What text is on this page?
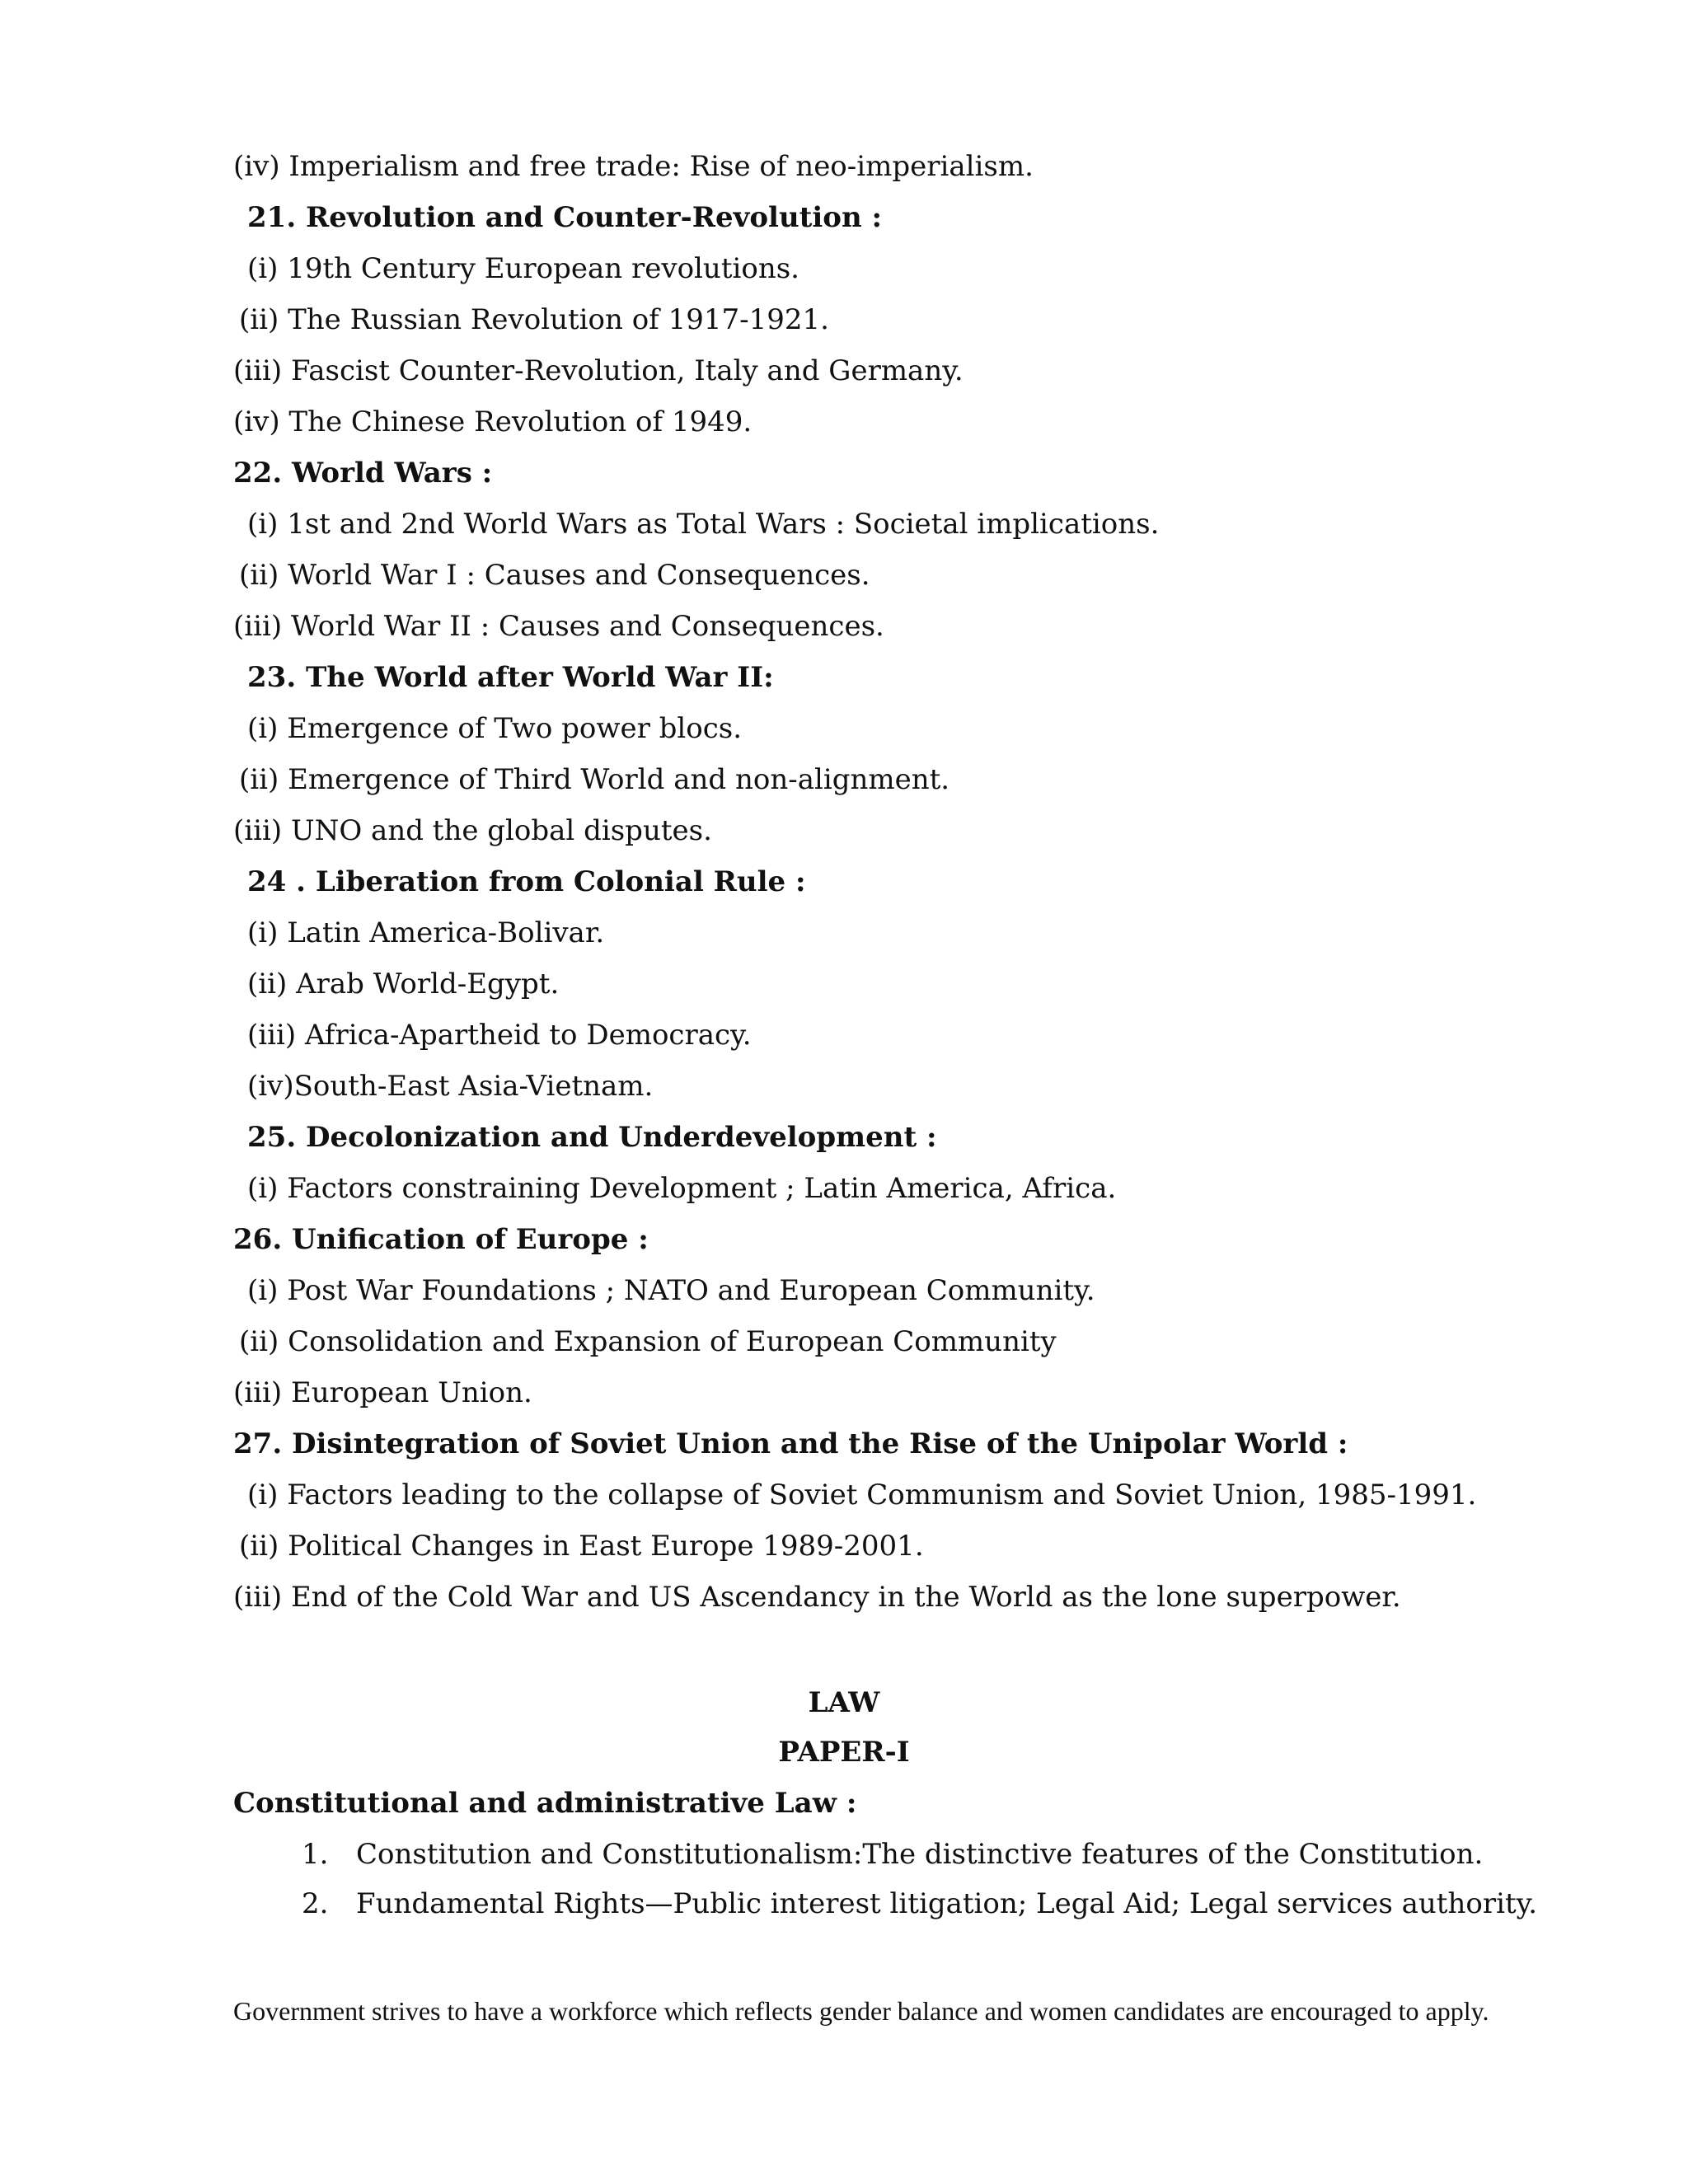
(iv) Imperialism and free trade: Rise of neo-imperialism.
21. Revolution and Counter-Revolution :
(i) 19th Century European revolutions.
(ii) The Russian Revolution of 1917-1921.
(iii) Fascist Counter-Revolution, Italy and Germany.
(iv) The Chinese Revolution of 1949.
22. World Wars :
(i) 1st and 2nd World Wars as Total Wars : Societal implications.
(ii) World War I : Causes and Consequences.
(iii) World War II : Causes and Consequences.
23. The World after World War II:
(i) Emergence of Two power blocs.
(ii) Emergence of Third World and non-alignment.
(iii) UNO and the global disputes.
24 . Liberation from Colonial Rule :
(i) Latin America-Bolivar.
(ii) Arab World-Egypt.
(iii) Africa-Apartheid to Democracy.
(iv)South-East Asia-Vietnam.
25. Decolonization and Underdevelopment :
(i) Factors constraining Development ; Latin America, Africa.
26. Unification of Europe :
(i) Post War Foundations ; NATO and European Community.
(ii) Consolidation and Expansion of European Community
(iii) European Union.
27. Disintegration of Soviet Union and the Rise of the Unipolar World :
(i) Factors leading to the collapse of Soviet Communism and Soviet Union, 1985-1991.
(ii) Political Changes in East Europe 1989-2001.
(iii) End of the Cold War and US Ascendancy in the World as the lone superpower.
LAW
PAPER-I
Constitutional and administrative Law :
1. Constitution and Constitutionalism:The distinctive features of the Constitution.
2. Fundamental Rights—Public interest litigation; Legal Aid; Legal services authority.
Government strives to have a workforce which reflects gender balance and women candidates are encouraged to apply.
